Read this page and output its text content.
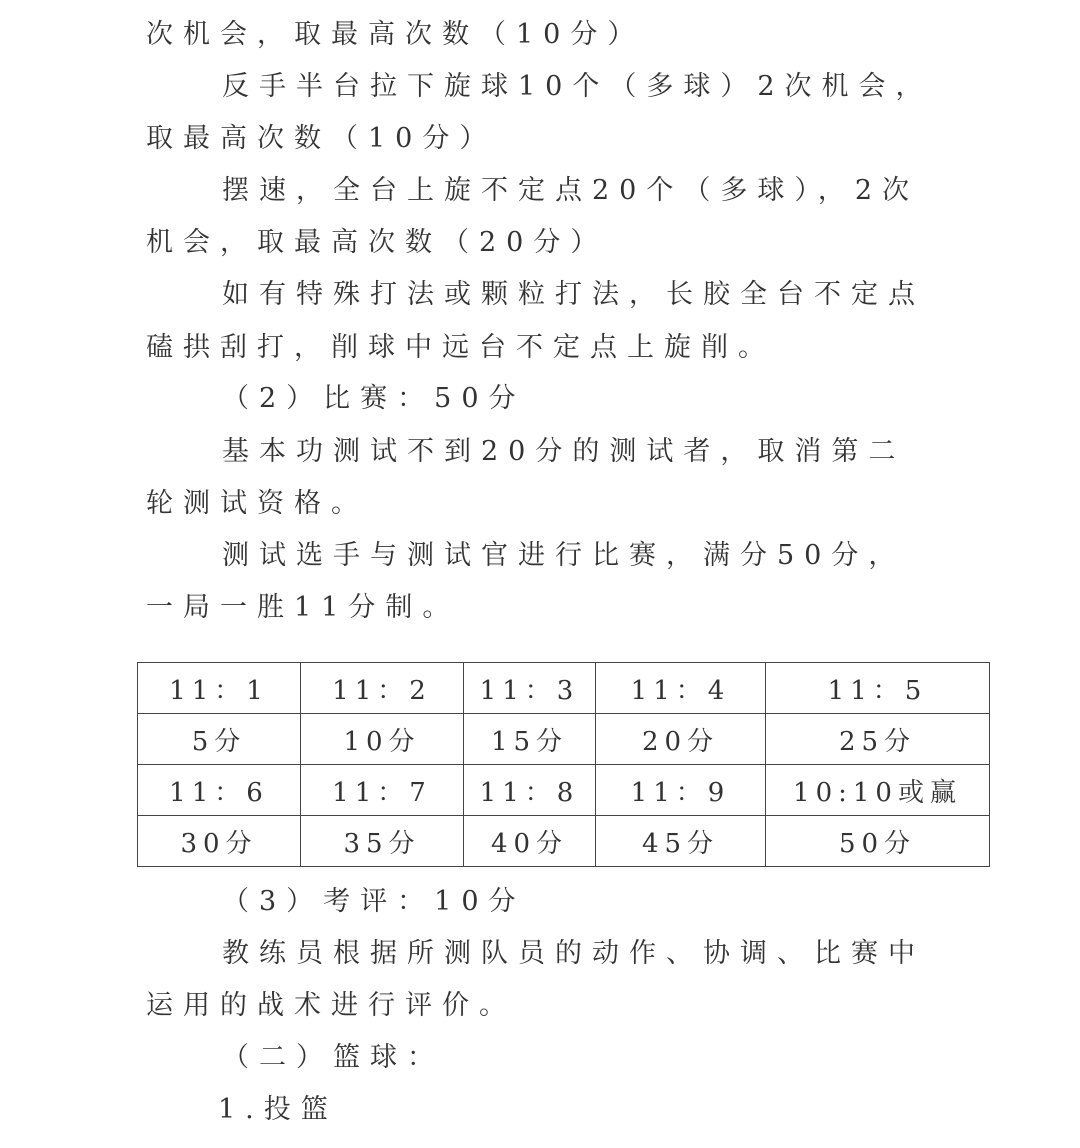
次机会，取最高次数（10分）
反手半台拉下旋球10个（多球）2次机会，
取最高次数（10分）
摆速，全台上旋不定点20个（多球），2次
机会，取最高次数（20分）
如有特殊打法或颗粒打法，长胶全台不定点
磕拱刮打，削球中远台不定点上旋削。
（2）比赛：50分
基本功测试不到20分的测试者，取消第二
轮测试资格。
测试选手与测试官进行比赛，满分50分，
一局一胜11分制。
11：1	11：2	11：3	11：4	11：5
5分	10分	15分	20分	25分
11：6	11：7	11：8	11：9	10:10或赢
30分	35分	40分	45分	50分
（3）考评：10分
教练员根据所测队员的动作、协调、比赛中
运用的战术进行评价。
（二）篮球：
1.投篮
